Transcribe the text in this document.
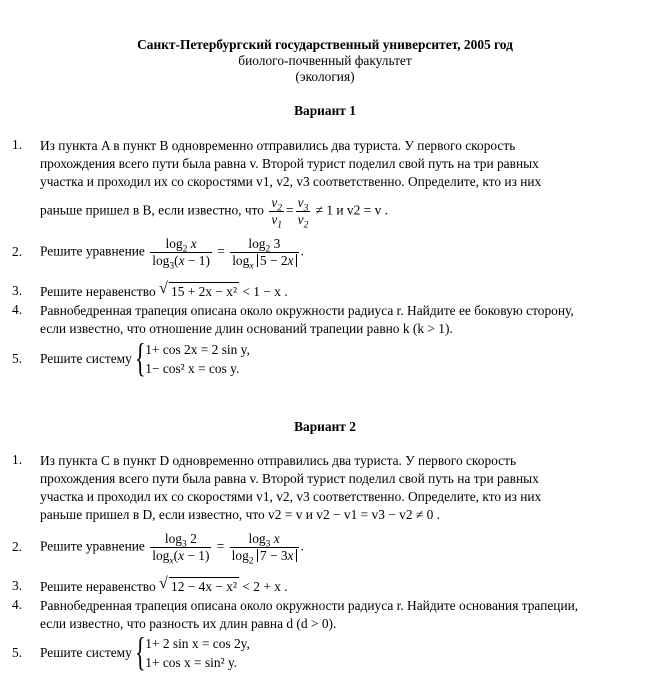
Санкт-Петербургский государственный университет, 2005 год
биолого-почвенный факультет
(экология)
Вариант 1
1. Из пункта A в пункт B одновременно отправились два туриста. У первого скорость
прохождения всего пути была равна v. Второй турист поделил свой путь на три равных
участка и проходил их со скоростями v1, v2, v3 соответственно. Определите, кто из них
раньше пришел в B, если известно, что $\frac{v_2}{v_1} = \frac{v_3}{v_2} \ne 1$ и v2 = v .
2. Решите уравнение $\frac{\log_2 x}{\log_3(x - 1)} = \frac{\log_2 3}{\log_x 5 - 2x}$ .
3. Решите неравенство √ 15 + 2x − x² < 1 − x .
4. Равнобедренная трапеция описана около окружности радиуса r. Найдите ее боковую сторону,
если известно, что отношение длин оснований трапеции равно k (k > 1).
5. Решите систему { 1+ cos 2x = 2 sin y,
1− cos² x = cos y.
Вариант 2
1. Из пункта C в пункт D одновременно отправились два туриста. У первого скорость
прохождения всего пути была равна v. Второй турист поделил свой путь на три равных
участка и проходил их со скоростями v1, v2, v3 соответственно. Определите, кто из них
раньше пришел в D, если известно, что v2 = v и v2 − v1 = v3 − v2 ≠ 0 .
2. Решите уравнение $\frac{\log_3 2}{\log_x(x - 1)} = \frac{\log_3 x}{\log_2 7 - 3x}$ .
3. Решите неравенство √ 12 − 4x − x² < 2 + x .
4. Равнобедренная трапеция описана около окружности радиуса r. Найдите основания трапеции,
если известно, что разность их длин равна d (d > 0).
5. Решите систему { 1+ 2 sin x = cos 2y,
1+ cos x = sin² y.
